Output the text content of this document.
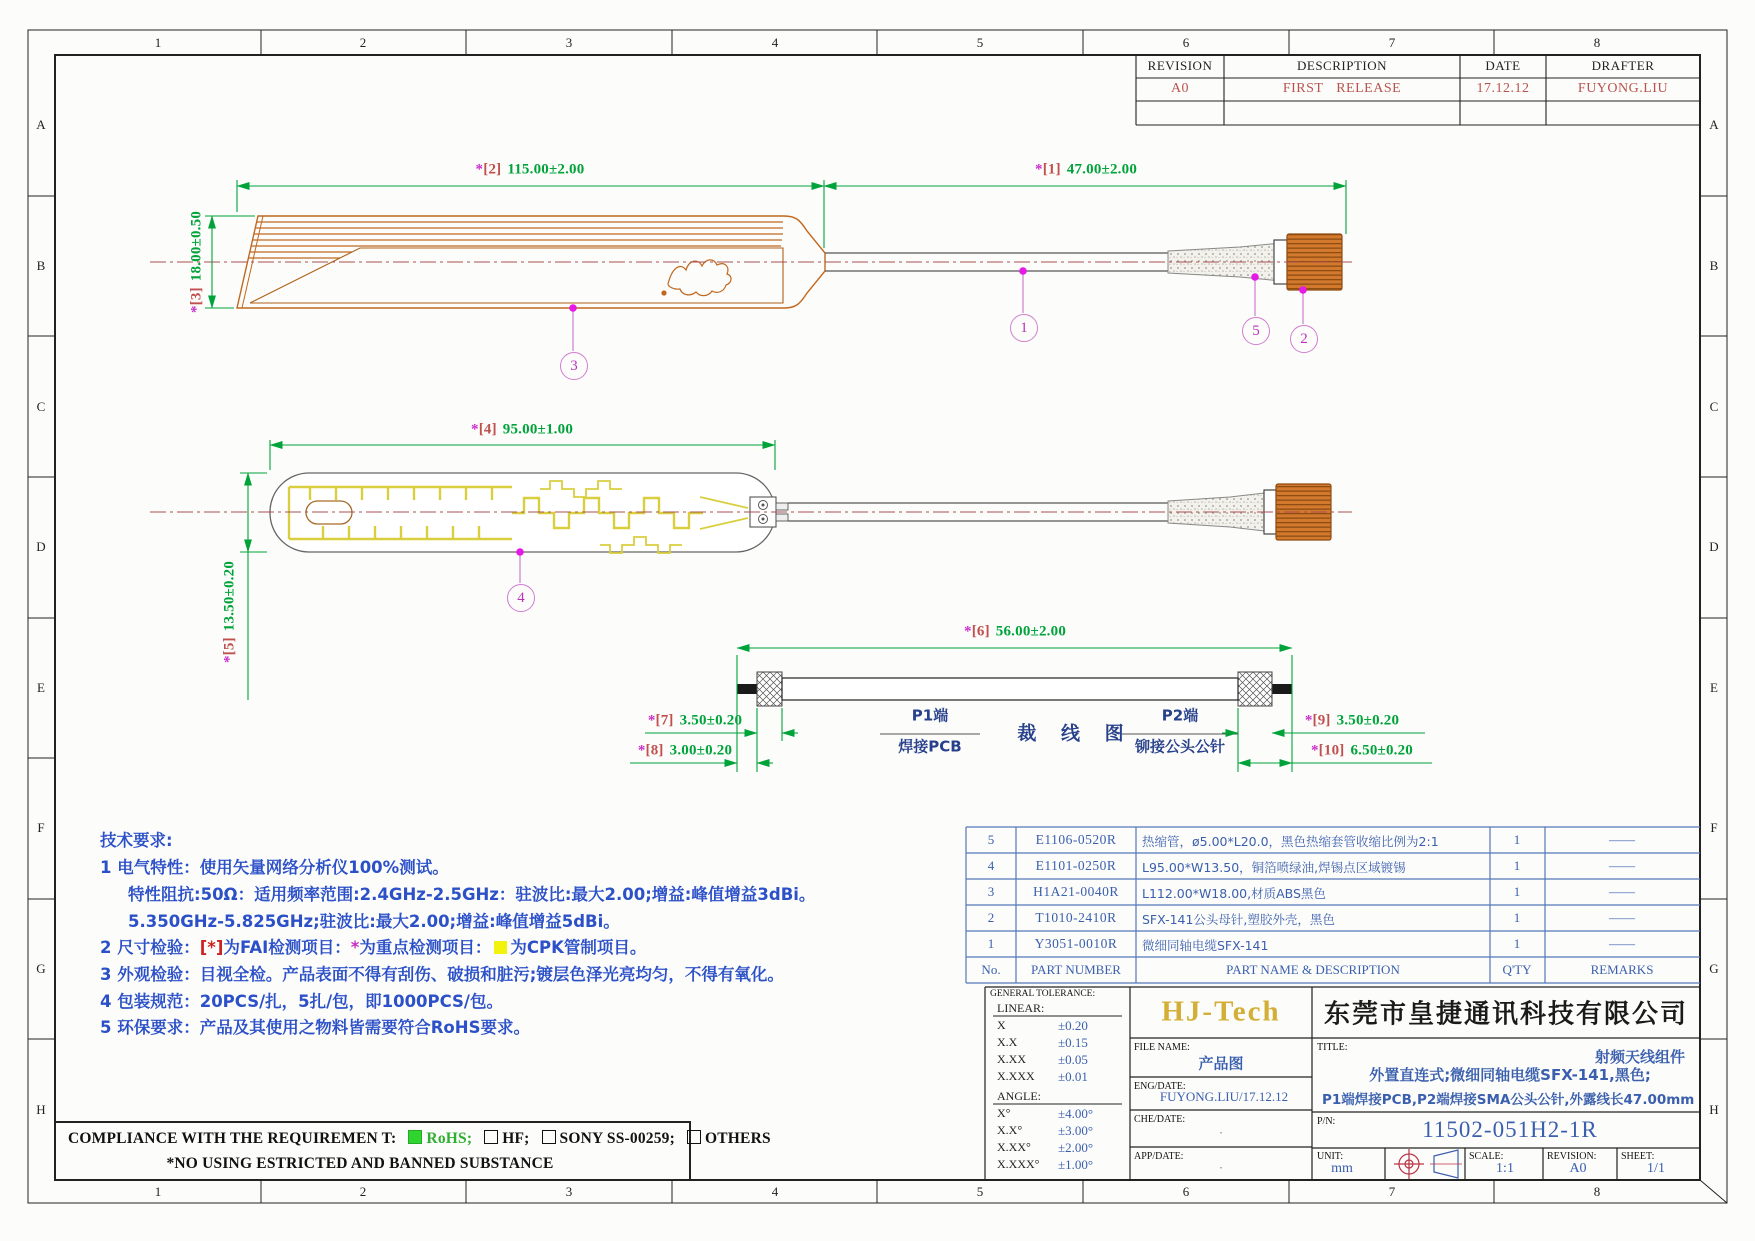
1	2	3	4	5	6	7	8
1	2	3	4	5	6	7	8
A
B
C
D
E
F
G
H
A
B
C
D
E
F
G
H
*[2] 115.00±2.00	*[1] 47.00±2.00
*[3]18.00±0.50
*[4] 95.00±1.00
*[5]13.50±0.20
*[6] 56.00±2.00
*[7] 3.50±0.20
*[8] 3.00±0.20
*[9] 3.50±0.20
*[10] 6.50±0.20
3
1	5	2
4
P1端
焊接PCB
裁 线 图
P2端
铆接公头公针
技术要求:
1 电气特性：使用矢量网络分析仪100%测试。
特性阻抗:50Ω：适用频率范围:2.4GHz-2.5GHz：驻波比:最大2.00;增益:峰值增益3dBi。
5.350GHz-5.825GHz;驻波比:最大2.00;增益:峰值增益5dBi。
2 尺寸检验：[*]为FAI检测项目：*为重点检测项目： 为CPK管制项目。
3 外观检验：目视全检。产品表面不得有刮伤、破损和脏污;镀层色泽光亮均匀，不得有氧化。
4 包装规范：20PCS/扎，5扎/包，即1000PCS/包。
5 环保要求：产品及其使用之物料皆需要符合RoHS要求。
REVISION	DESCRIPTION	DATE	DRAFTER
A0	FIRST RELEASE	17.12.12	FUYONG.LIU
5	E1106-0520R 热缩管，ø5.00*L20.0，黑色热缩套管收缩比例为2:1	1	——
4	E1101-0250R L95.00*W13.50，铜箔喷绿油,焊锡点区域镀锡	1	——
3	H1A21-0040R L112.00*W18.00,材质ABS黑色	1	——
2	T1010-2410R SFX-141公头母针,塑胶外壳，黑色	1	——
1	Y3051-0010R 微细同轴电缆SFX-141	1	——
No. PART NUMBER	PART NAME & DESCRIPTION	Q'TY	REMARKS
GENERAL TOLERANCE:
LINEAR:
X	±0.20
X.X	±0.15
X.XX ±0.05
X.XXX ±0.01
ANGLE:
X°	±4.00°
X.X°	±3.00°
X.XX° ±2.00°
X.XXX° ±1.00°
HJ-Tech 东莞市皇捷通讯科技有限公司
FILE NAME:
产品图
ENG/DATE:
FUYONG.LIU/17.12.12
CHE/DATE:
.
APP/DATE:
.
TITLE:
射频天线组件
外置直连式;微细同轴电缆SFX-141,黑色;
P1端焊接PCB,P2端焊接SMA公头公针,外露线长47.00mm
P/N:	11502-051H2-1R
UNIT:
mm
SCALE:
1:1
REVISION:
A0
SHEET:
1/1
COMPLIANCE WITH THE REQUIREMEN T: RoHS; HF; SONY SS-00259; OTHERS
*NO USING ESTRICTED AND BANNED SUBSTANCE
